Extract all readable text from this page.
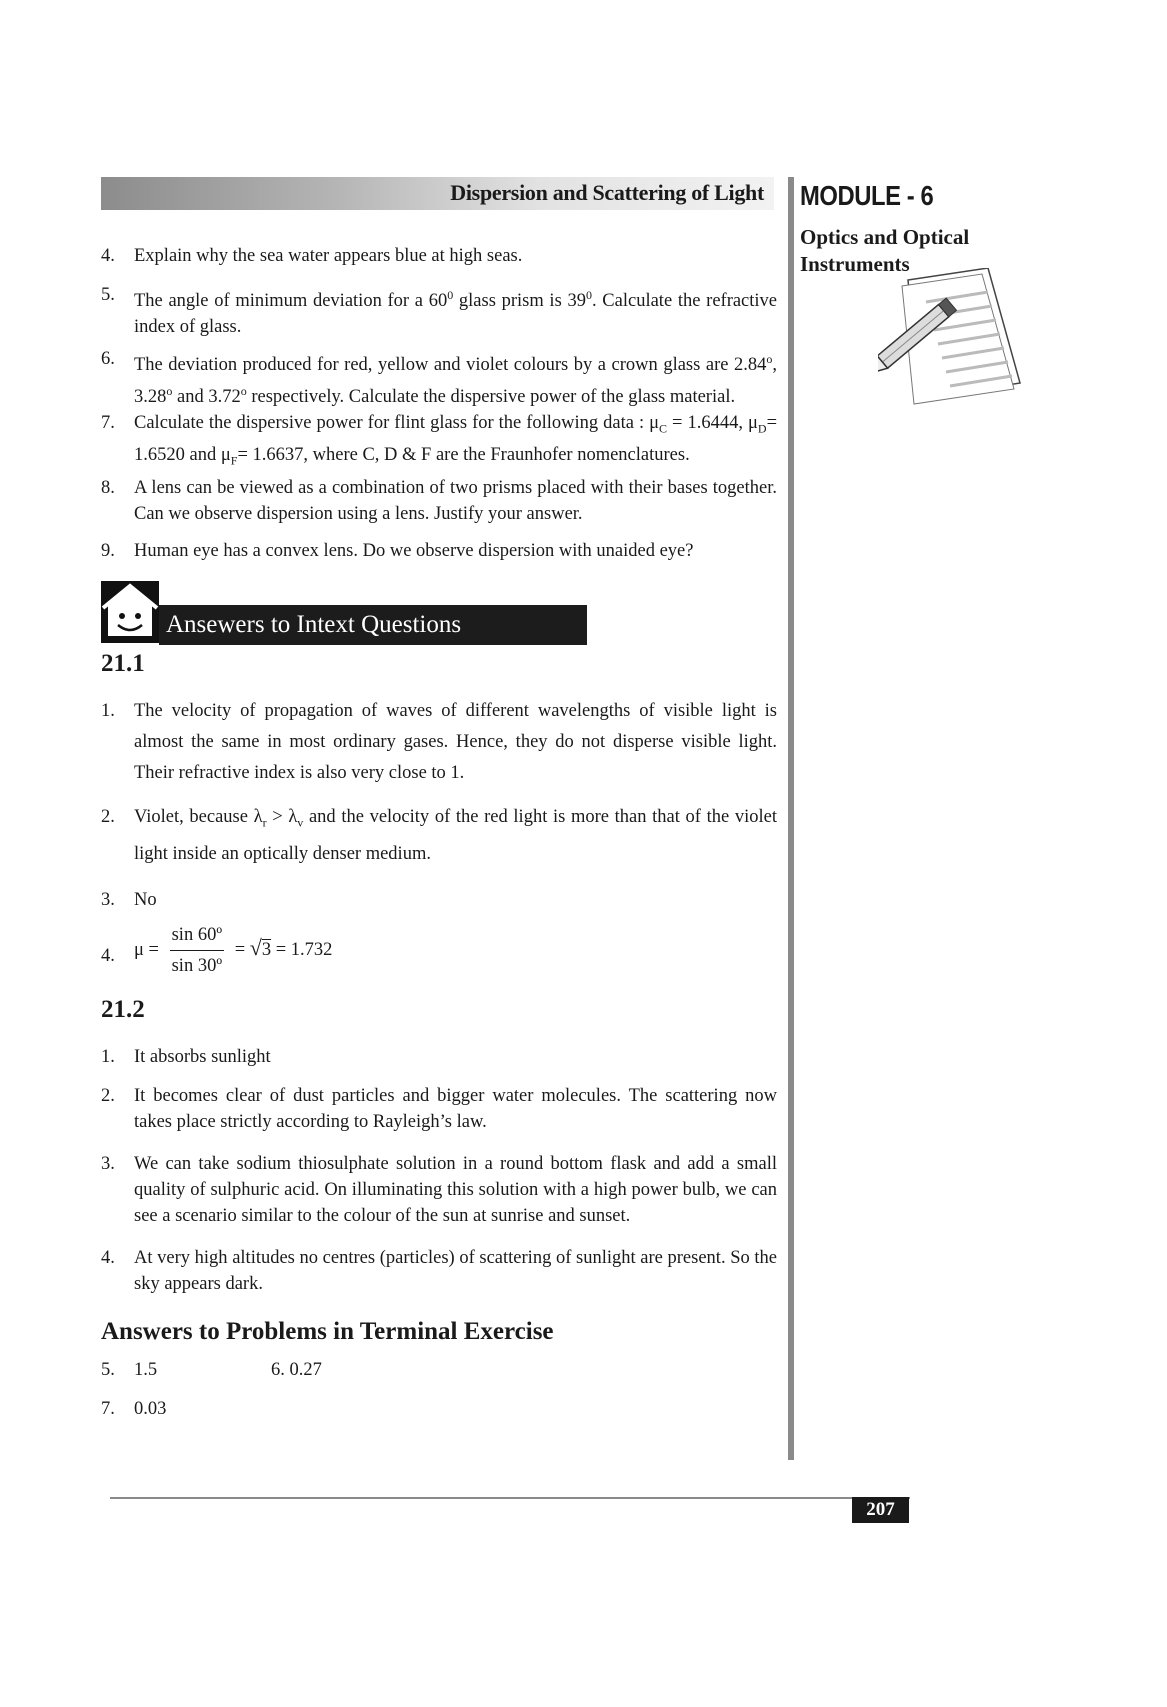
Dispersion and Scattering of Light MODULE - 6
Optics and Optical Instruments
4. Explain why the sea water appears blue at high seas.
5. The angle of minimum deviation for a $60^0$ glass prism is $39^0$. Calculate the refractive index of glass.
6. The deviation produced for red, yellow and violet colours by a crown glass are 2.84$^o$, 3.28$^o$ and 3.72$^o$ respectively. Calculate the dispersive power of the glass material.
7. Calculate the dispersive power for flint glass for the following data : $\mu_C = 1.6444$, $\mu_D= 1.6520$ and $\mu_F= 1.6637$, where C, D & F are the Fraunhofer nomenclatures.
8. A lens can be viewed as a combination of two prisms placed with their bases together. Can we observe dispersion using a lens. Justify your answer.
9. Human eye has a convex lens. Do we observe dispersion with unaided eye?
Ansewers to Intext Questions
21.1
1. The velocity of propagation of waves of different wavelengths of visible light is almost the same in most ordinary gases. Hence, they do not disperse visible light. Their refractive index is also very close to 1.
2. Violet, because $\lambda_r > \lambda_v$ and the velocity of the red light is more than that of the violet light inside an optically denser medium.
3. No
4. $\mu = \frac{\text{sin 60º}}{\text{sin 30º}} = √3 = 1.732$
21.2
1. It absorbs sunlight
2. It becomes clear of dust particles and bigger water molecules. The scattering now takes place strictly according to Rayleigh’s law.
3. We can take sodium thiosulphate solution in a round bottom flask and add a small quality of sulphuric acid. On illuminating this solution with a high power bulb, we can see a scenario similar to the colour of the sun at sunrise and sunset.
4. At very high altitudes no centres (particles) of scattering of sunlight are present. So the sky appears dark.
Answers to Problems in Terminal Exercise
5. 1.5	6. 0.27
7. 0.03
207
